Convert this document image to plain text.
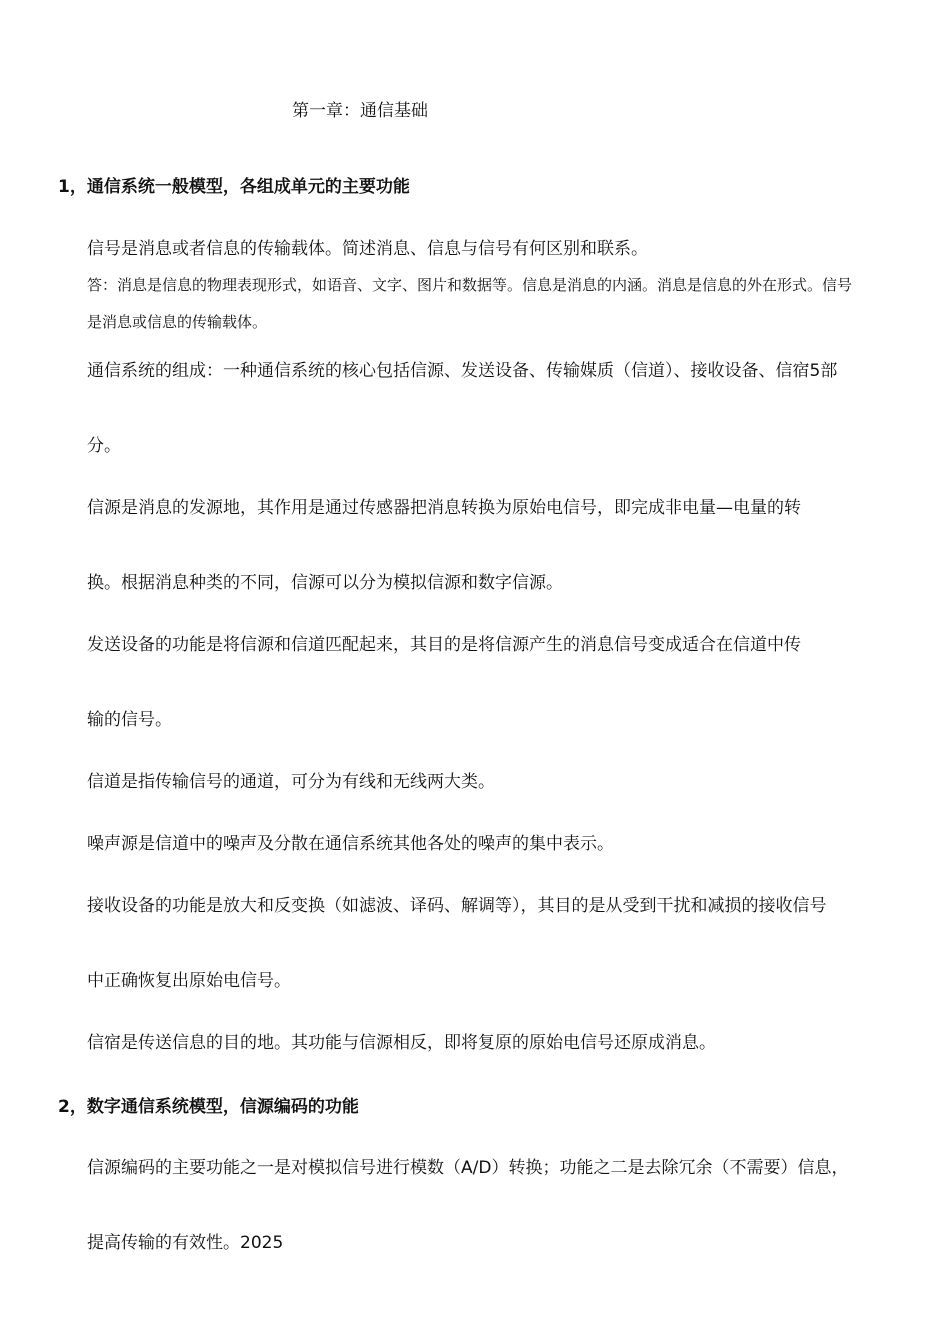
第一章：通信基础
1，通信系统一般模型，各组成单元的主要功能
信号是消息或者信息的传输载体。简述消息、信息与信号有何区别和联系。
答：消息是信息的物理表现形式，如语音、文字、图片和数据等。信息是消息的内涵。消息是信息的外在形式。信号
是消息或信息的传输载体。
通信系统的组成：一种通信系统的核心包括信源、发送设备、传输媒质（信道）、接收设备、信宿5部
分。
信源是消息的发源地，其作用是通过传感器把消息转换为原始电信号，即完成非电量—电量的转
换。根据消息种类的不同，信源可以分为模拟信源和数字信源。
发送设备的功能是将信源和信道匹配起来，其目的是将信源产生的消息信号变成适合在信道中传
输的信号。
信道是指传输信号的通道，可分为有线和无线两大类。
噪声源是信道中的噪声及分散在通信系统其他各处的噪声的集中表示。
接收设备的功能是放大和反变换（如滤波、译码、解调等），其目的是从受到干扰和减损的接收信号
中正确恢复出原始电信号。
信宿是传送信息的目的地。其功能与信源相反，即将复原的原始电信号还原成消息。
2，数字通信系统模型，信源编码的功能
信源编码的主要功能之一是对模拟信号进行模数（A/D）转换；功能之二是去除冗余（不需要）信息，
提高传输的有效性。2025
